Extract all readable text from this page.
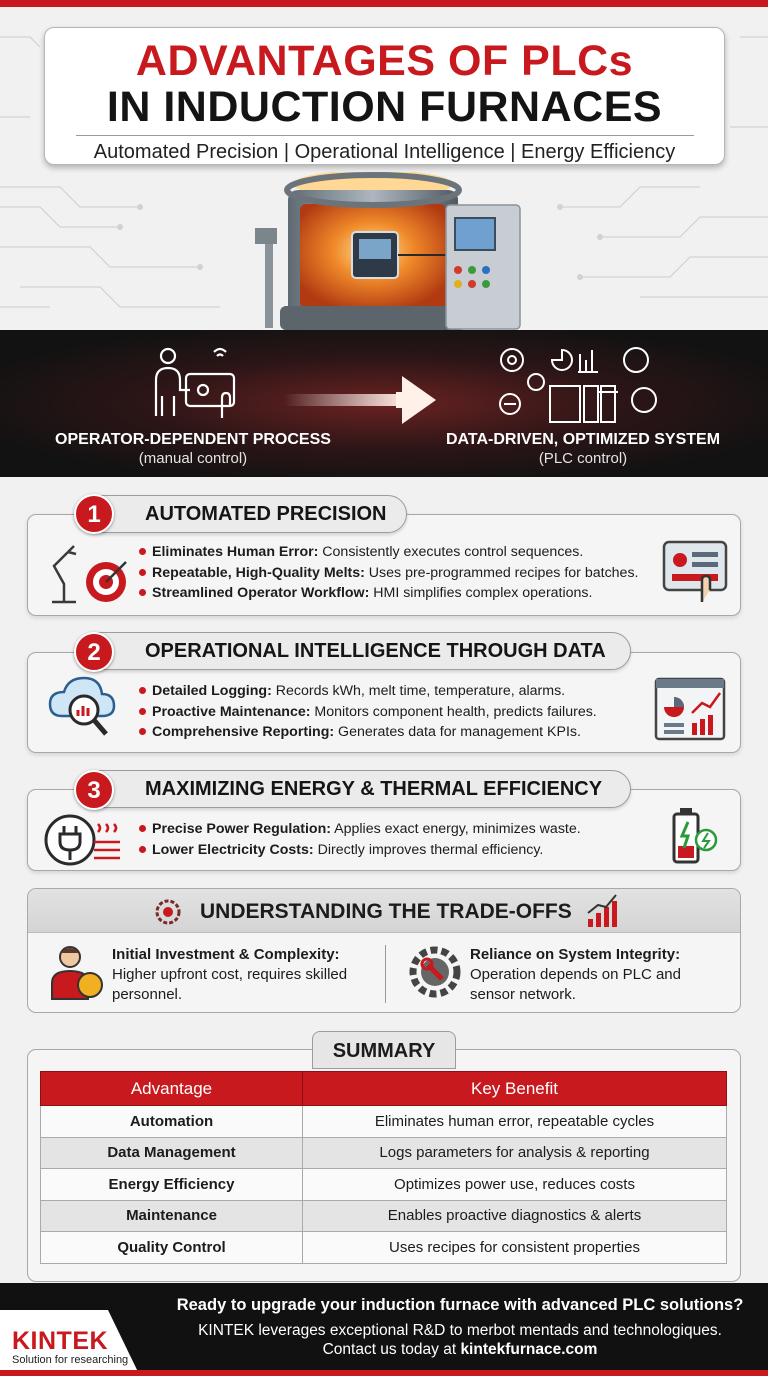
ADVANTAGES OF PLCs
IN INDUCTION FURNACES
Automated Precision | Operational Intelligence | Energy Efficiency
OPERATOR-DEPENDENT PROCESS
(manual control)
DATA-DRIVEN, OPTIMIZED SYSTEM
(PLC control)
AUTOMATED PRECISION
1
Eliminates Human Error: Consistently executes control sequences.
Repeatable, High-Quality Melts: Uses pre-programmed recipes for batches.
Streamlined Operator Workflow: HMI simplifies complex operations.
OPERATIONAL INTELLIGENCE THROUGH DATA
2
Detailed Logging: Records kWh, melt time, temperature, alarms.
Proactive Maintenance: Monitors component health, predicts failures.
Comprehensive Reporting: Generates data for management KPIs.
MAXIMIZING ENERGY & THERMAL EFFICIENCY
3
Precise Power Regulation: Applies exact energy, minimizes waste.
Lower Electricity Costs: Directly improves thermal efficiency.
UNDERSTANDING THE TRADE-OFFS
Initial Investment & Complexity:
Higher upfront cost, requires skilled personnel.
Reliance on System Integrity:
Operation depends on PLC and sensor network.
SUMMARY
Advantage	Key Benefit
Automation	Eliminates human error, repeatable cycles
Data Management	Logs parameters for analysis & reporting
Energy Efficiency	Optimizes power use, reduces costs
Maintenance	Enables proactive diagnostics & alerts
Quality Control	Uses recipes for consistent properties
KINTEK
Solution for researching
Ready to upgrade your induction furnace with advanced PLC solutions?
KINTEK leverages exceptional R&D to merbot mentads and technologiques.
Contact us today at kintekfurnace.com
